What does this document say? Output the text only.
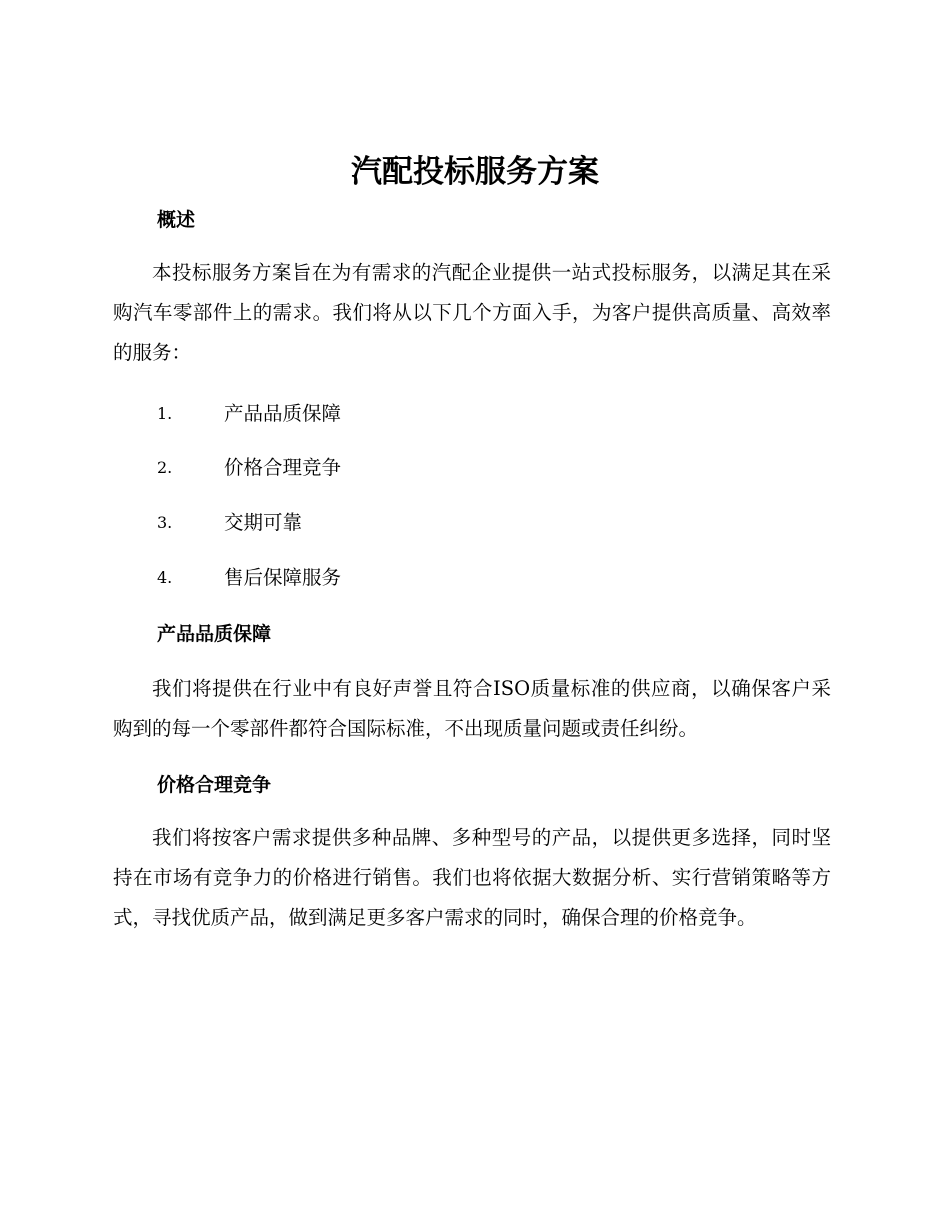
汽配投标服务方案
概述

本投标服务方案旨在为有需求的汽配企业提供一站式投标服务，以满足其在采购汽车零部件上的需求。我们将从以下几个方面入手，为客户提供高质量、高效率的服务：

1.	产品品质保障
2.	价格合理竞争
3.	交期可靠
4.	售后保障服务
产品品质保障

我们将提供在行业中有良好声誉且符合ISO质量标准的供应商，以确保客户采购到的每一个零部件都符合国际标准，不出现质量问题或责任纠纷。

价格合理竞争

我们将按客户需求提供多种品牌、多种型号的产品，以提供更多选择，同时坚持在市场有竞争力的价格进行销售。我们也将依据大数据分析、实行营销策略等方式，寻找优质产品，做到满足更多客户需求的同时，确保合理的价格竞争。
